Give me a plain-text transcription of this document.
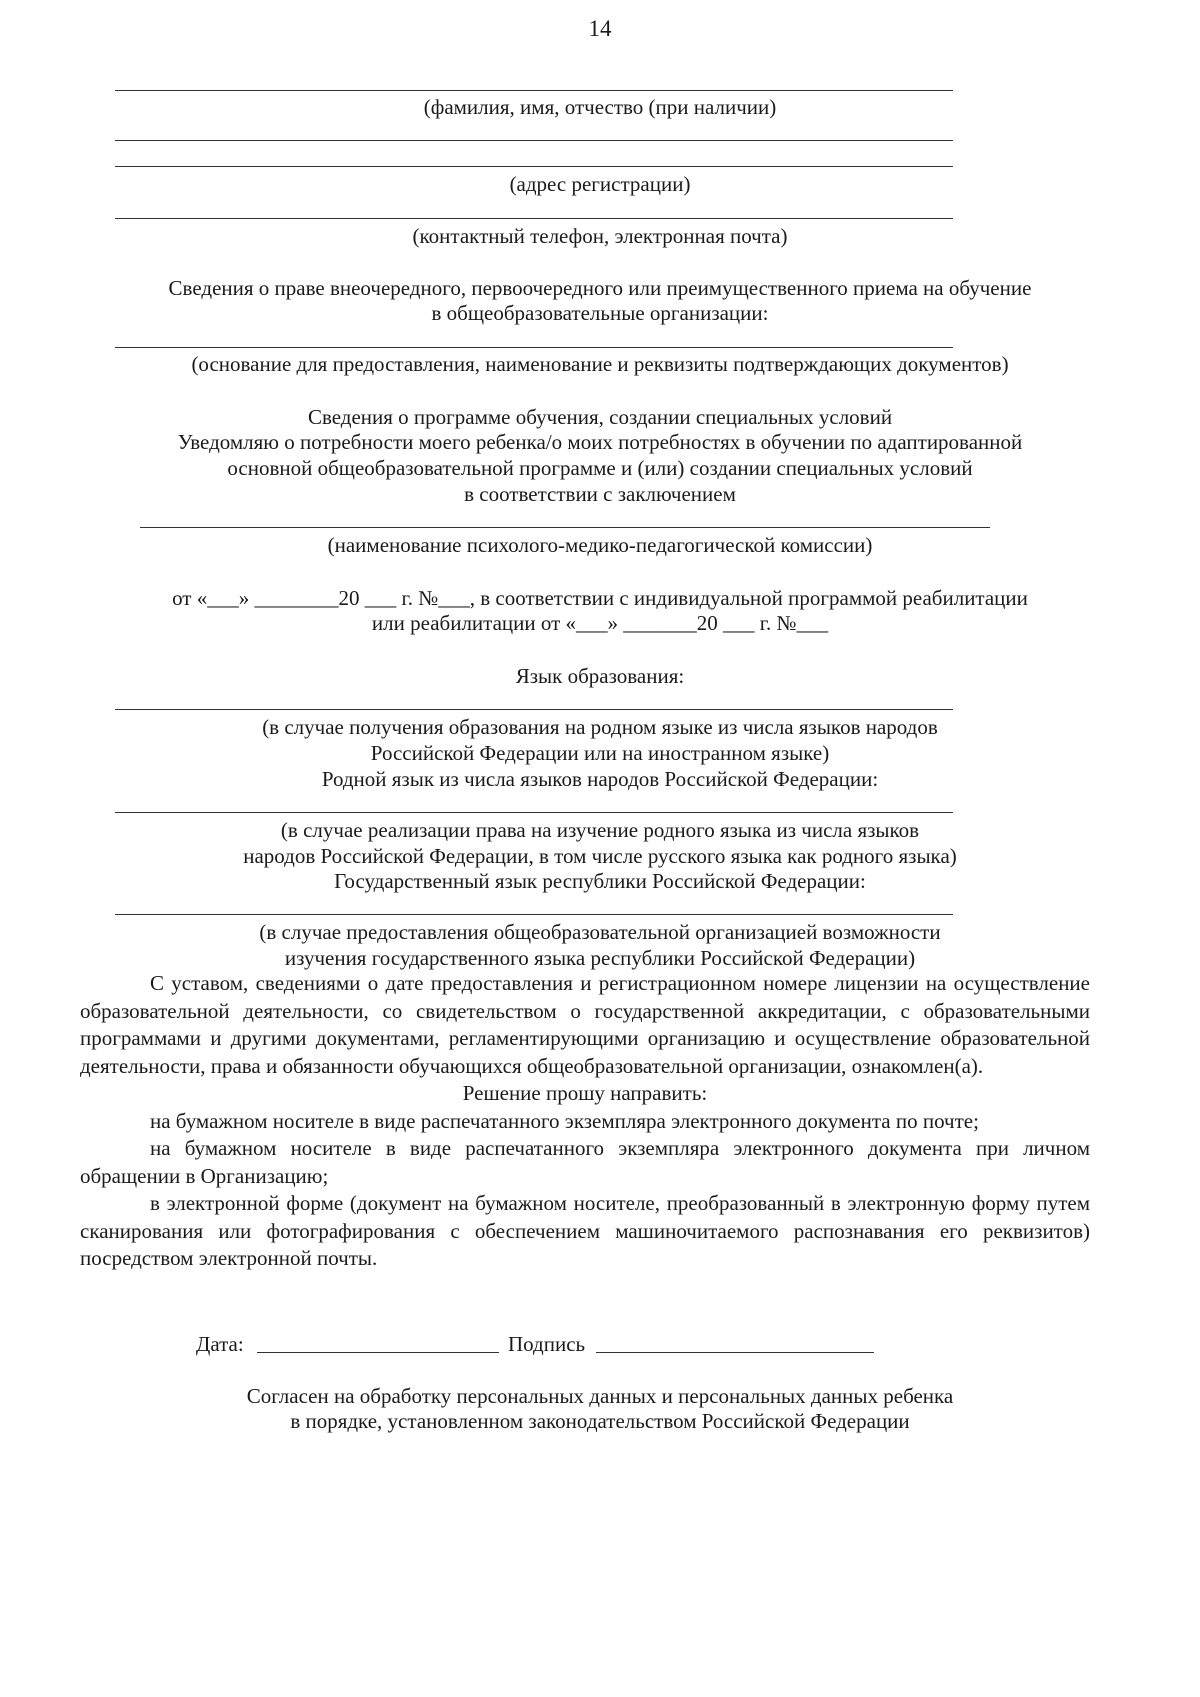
14
(фамилия, имя, отчество (при наличии)
(адрес регистрации)
(контактный телефон, электронная почта)
Сведения о праве внеочередного, первоочередного или преимущественного приема на обучение
в общеобразовательные организации:
(основание для предоставления, наименование и реквизиты подтверждающих документов)
Сведения о программе обучения, создании специальных условий
Уведомляю о потребности моего ребенка/о моих потребностях в обучении по адаптированной
основной общеобразовательной программе и (или) создании специальных условий
в соответствии с заключением
(наименование психолого-медико-педагогической комиссии)
от «___» ________20 ___ г. №___, в соответствии с индивидуальной программой реабилитации
или реабилитации от «___» _______20 ___ г. №___
Язык образования:
(в случае получения образования на родном языке из числа языков народов
Российской Федерации или на иностранном языке)
Родной язык из числа языков народов Российской Федерации:
(в случае реализации права на изучение родного языка из числа языков
народов Российской Федерации, в том числе русского языка как родного языка)
Государственный язык республики Российской Федерации:
(в случае предоставления общеобразовательной организацией возможности
изучения государственного языка республики Российской Федерации)
С уставом, сведениями о дате предоставления и регистрационном номере лицензии на осуществление образовательной деятельности, со свидетельством о государственной аккредитации, с образовательными программами и другими документами, регламентирующими организацию и осуществление образовательной деятельности, права и обязанности обучающихся общеобразовательной организации, ознакомлен(а).
Решение прошу направить:
на бумажном носителе в виде распечатанного экземпляра электронного документа по почте;
на бумажном носителе в виде распечатанного экземпляра электронного документа при личном обращении в Организацию;
в электронной форме (документ на бумажном носителе, преобразованный в электронную форму путем сканирования или фотографирования с обеспечением машиночитаемого распознавания его реквизитов) посредством электронной почты.
Дата:	Подпись
Согласен на обработку персональных данных и персональных данных ребенка
в порядке, установленном законодательством Российской Федерации
